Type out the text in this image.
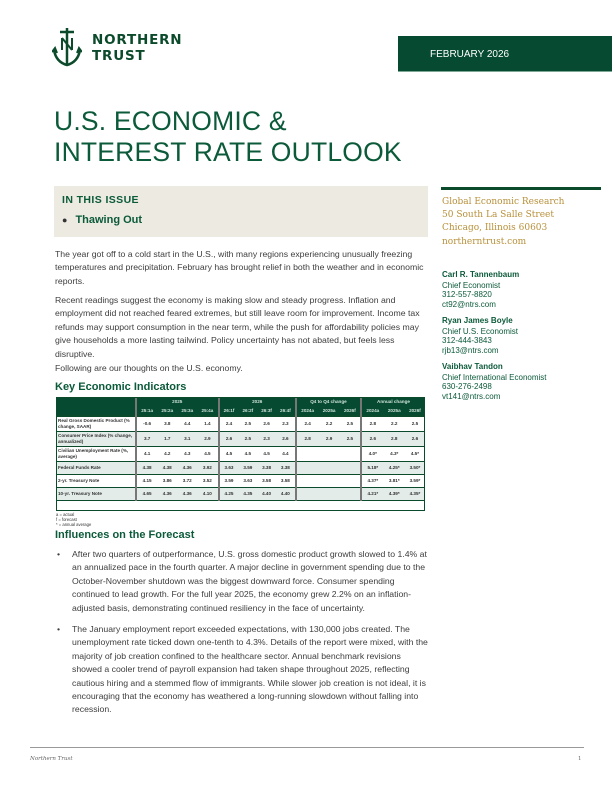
NORTHERN
TRUST	FEBRUARY 2026
U.S. ECONOMIC &
INTEREST RATE OUTLOOK
IN THIS ISSUE
● Thawing Out
Global Economic Research
50 South La Salle Street
Chicago, Illinois 60603
northerntrust.com
Carl R. Tannenbaum
Chief Economist
312-557-8820
ct92@ntrs.com
Ryan James Boyle
Chief U.S. Economist
312-444-3843
rjb13@ntrs.com
Vaibhav Tandon
Chief International Economist
630-276-2498
vt141@ntrs.com

The year got off to a cold start in the U.S., with many regions experiencing unusually freezing temperatures and precipitation. February has brought relief in both the weather and in economic reports.

Recent readings suggest the economy is making slow and steady progress. Inflation and employment did not reached feared extremes, but still leave room for improvement. Income tax refunds may support consumption in the near term, while the push for affordability policies may give households a more lasting tailwind. Policy uncertainty has not abated, but feels less disruptive.

Following are our thoughts on the U.S. economy.

Key Economic Indicators
	2025				2026				Q4 to Q4 change			Annual change		
	25:1a	25:2a	25:3a	25:4a	26:1f	26:2f	26:3f	26:4f	2024a	2025a	2026f	2024a	2025a	2026f
Real Gross Domestic Product (% change, SAAR)	-0.6	3.8	4.4	1.4	2.4	2.5	2.6	2.3	2.4	2.2	2.5	2.8	2.2	2.5
Consumer Price Index (% change, annualized)	3.7	1.7	3.1	2.9	2.6	2.5	2.3	2.6	2.8	2.9	2.5	2.6	2.8	2.6
Civilian Unemployment Rate (%, average)	4.1	4.2	4.3	4.5	4.5	4.5	4.5	4.4				4.0*	4.3*	4.5*
Federal Funds Rate	4.38	4.38	4.36	3.92	3.63	3.59	3.38	3.38				5.18*	4.25*	3.50*
2-yr. Treasury Note	4.15	3.86	3.72	3.52	3.59	3.63	3.58	3.58				4.37*	3.81*	3.59*
10-yr. Treasury Note	4.65	4.36	4.36	4.10	4.25	4.35	4.40	4.40				4.21*	4.39*	4.35*
a = actual
f = forecast
* = annual average
Influences on the Forecast
• After two quarters of outperformance, U.S. gross domestic product growth slowed to 1.4% at an annualized pace in the fourth quarter. A major decline in government spending due to the October-November shutdown was the biggest downward force. Consumer spending continued to lead growth. For the full year 2025, the economy grew 2.2% on an inflation-adjusted basis, demonstrating continued resiliency in the face of uncertainty.
• The January employment report exceeded expectations, with 130,000 jobs created. The unemployment rate ticked down one-tenth to 4.3%. Details of the report were mixed, with the majority of job creation confined to the healthcare sector. Annual benchmark revisions showed a cooler trend of payroll expansion had taken shape throughout 2025, reflecting cautious hiring and a stemmed flow of immigrants. While slower job creation is not ideal, it is encouraging that the economy has weathered a long-running slowdown without falling into recession.
Northern Trust	1
